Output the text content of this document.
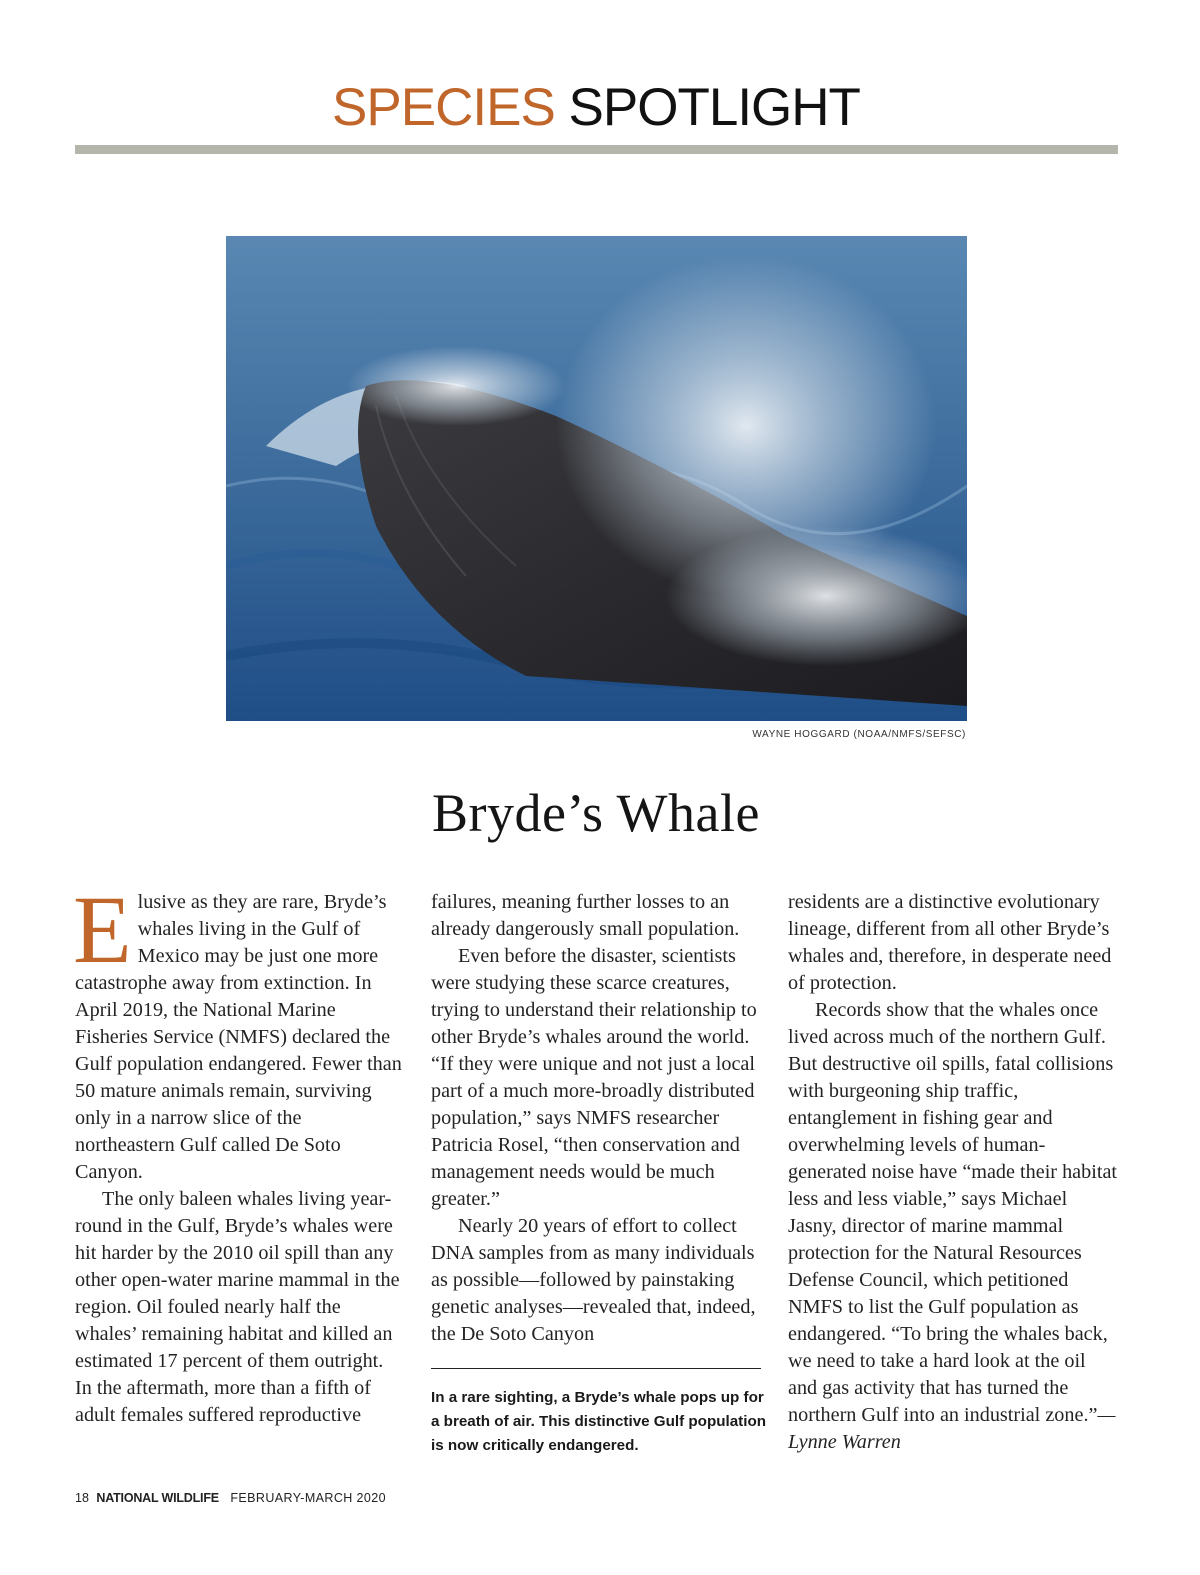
SPECIES SPOTLIGHT
WAYNE HOGGARD (NOAA/NMFS/SEFSC)
Bryde’s Whale

Elusive as they are rare, Bryde’s whales living in the Gulf of Mexico may be just one more catastrophe away from extinction. In April 2019, the National Marine Fisheries Service (NMFS) declared the Gulf population endangered. Fewer than 50 mature animals remain, surviving only in a narrow slice of the northeastern Gulf called De Soto Canyon.

The only baleen whales living year-round in the Gulf, Bryde’s whales were hit harder by the 2010 oil spill than any other open-water marine mammal in the region. Oil fouled nearly half the whales’ remaining habitat and killed an estimated 17 percent of them outright. In the aftermath, more than a fifth of adult females suffered reproductive

failures, meaning further losses to an already dangerously small population.

Even before the disaster, scientists were studying these scarce creatures, trying to understand their relationship to other Bryde’s whales around the world. “If they were unique and not just a local part of a much more-broadly distributed population,” says NMFS researcher Patricia Rosel, “then conservation and management needs would be much greater.”

Nearly 20 years of effort to collect DNA samples from as many individuals as possible—followed by painstaking genetic analyses—revealed that, indeed, the De Soto Canyon

In a rare sighting, a Bryde’s whale pops up for a breath of air. This distinctive Gulf population is now critically endangered.

residents are a distinctive evolutionary lineage, different from all other Bryde’s whales and, therefore, in desperate need of protection.

Records show that the whales once lived across much of the northern Gulf. But destructive oil spills, fatal collisions with burgeoning ship traffic, entanglement in fishing gear and overwhelming levels of human-generated noise have “made their habitat less and less viable,” says Michael Jasny, director of marine mammal protection for the Natural Resources Defense Council, which petitioned NMFS to list the Gulf population as endangered. “To bring the whales back, we need to take a hard look at the oil and gas activity that has turned the northern Gulf into an industrial zone.”—Lynne Warren

18 NATIONAL WILDLIFE FEBRUARY-MARCH 2020
